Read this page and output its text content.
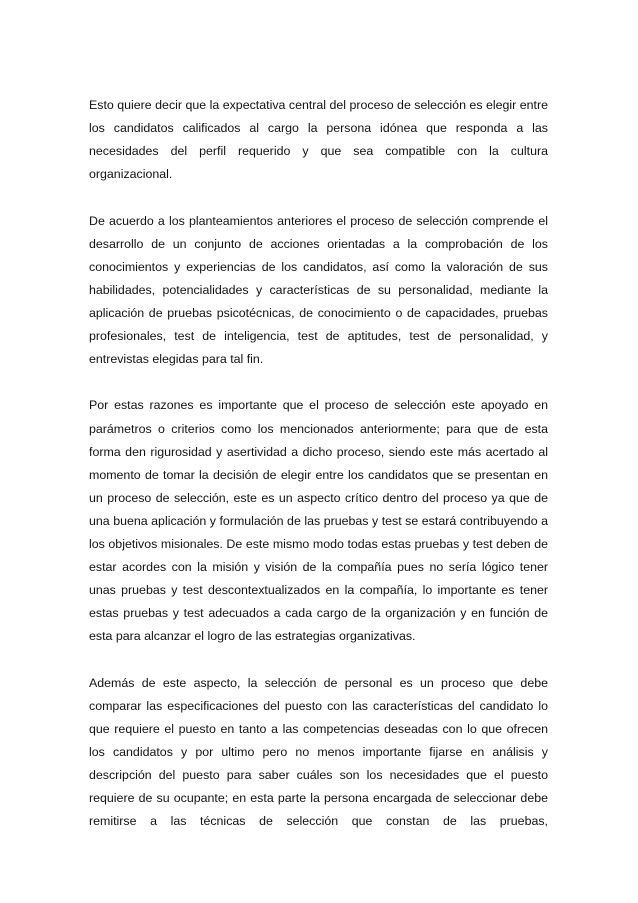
Esto quiere decir que la expectativa central del proceso de selección es elegir entre los candidatos calificados al cargo la persona idónea que responda a las necesidades del perfil requerido y que sea compatible con la cultura organizacional.

De acuerdo a los planteamientos anteriores el proceso de selección comprende el desarrollo de un conjunto de acciones orientadas a la comprobación de los conocimientos y experiencias de los candidatos, así como la valoración de sus habilidades, potencialidades y características de su personalidad, mediante la aplicación de pruebas psicotécnicas, de conocimiento o de capacidades, pruebas profesionales, test de inteligencia, test de aptitudes, test de personalidad, y entrevistas elegidas para tal fin.

Por estas razones es importante que el proceso de selección este apoyado en parámetros o criterios como los mencionados anteriormente; para que de esta forma den rigurosidad y asertividad a dicho proceso, siendo este más acertado al momento de tomar la decisión de elegir entre los candidatos que se presentan en un proceso de selección, este es un aspecto crítico dentro del proceso ya que de una buena aplicación y formulación de las pruebas y test se estará contribuyendo a los objetivos misionales. De este mismo modo todas estas pruebas y test deben de estar acordes con la misión y visión de la compañía pues no sería lógico tener unas pruebas y test descontextualizados en la compañía, lo importante es tener estas pruebas y test adecuados a cada cargo de la organización y en función de esta para alcanzar el logro de las estrategias organizativas.

Además de este aspecto, la selección de personal es un proceso que debe comparar las especificaciones del puesto con las características del candidato lo que requiere el puesto en tanto a las competencias deseadas con lo que ofrecen los candidatos y por ultimo pero no menos importante fijarse en análisis y descripción del puesto para saber cuáles son los necesidades que el puesto requiere de su ocupante; en esta parte la persona encargada de seleccionar debe remitirse a las técnicas de selección que constan de las pruebas,
